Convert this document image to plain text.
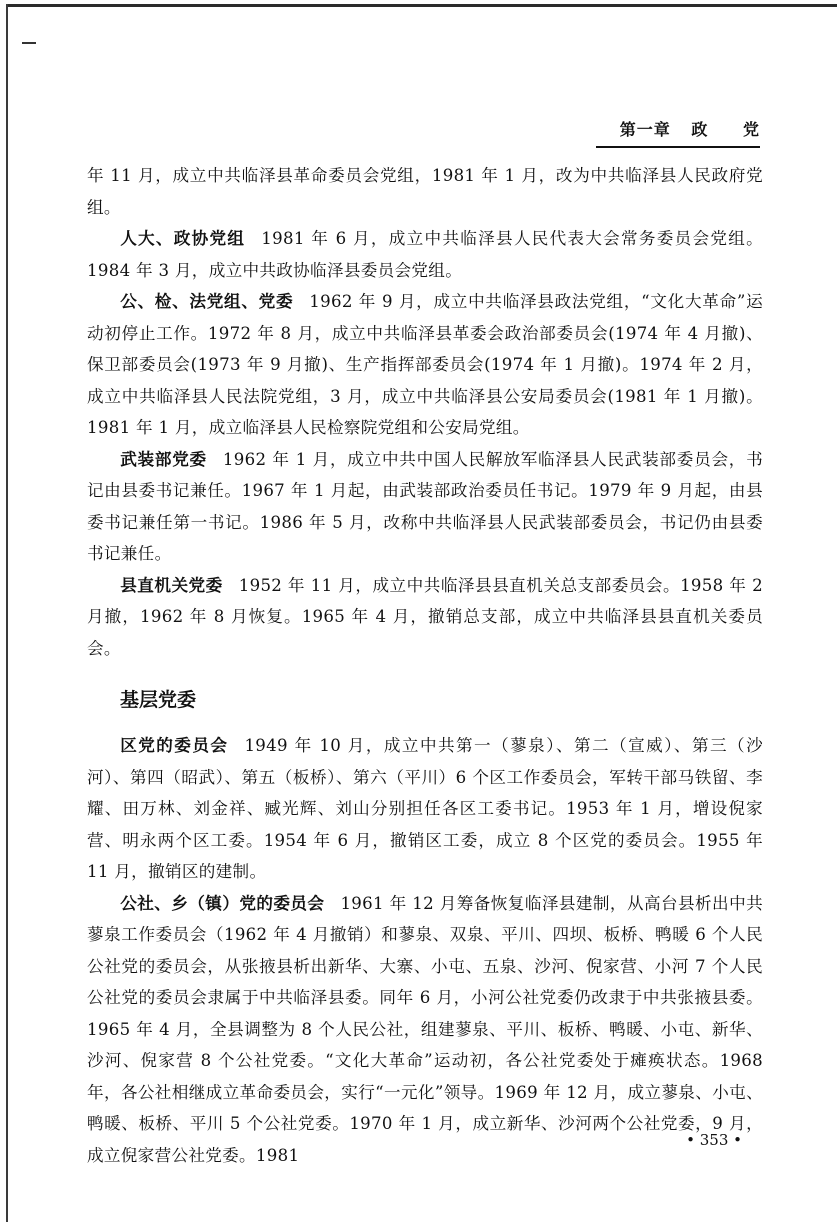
第一章 政 党

年 11 月，成立中共临泽县革命委员会党组，1981 年 1 月，改为中共临泽县人民政府党组。

人大、政协党组 1981 年 6 月，成立中共临泽县人民代表大会常务委员会党组。1984 年 3 月，成立中共政协临泽县委员会党组。

公、检、法党组、党委 1962 年 9 月，成立中共临泽县政法党组，“文化大革命”运动初停止工作。1972 年 8 月，成立中共临泽县革委会政治部委员会(1974 年 4 月撤)、保卫部委员会(1973 年 9 月撤)、生产指挥部委员会(1974 年 1 月撤)。1974 年 2 月，成立中共临泽县人民法院党组，3 月，成立中共临泽县公安局委员会(1981 年 1 月撤)。1981 年 1 月，成立临泽县人民检察院党组和公安局党组。

武装部党委 1962 年 1 月，成立中共中国人民解放军临泽县人民武装部委员会，书记由县委书记兼任。1967 年 1 月起，由武装部政治委员任书记。1979 年 9 月起，由县委书记兼任第一书记。1986 年 5 月，改称中共临泽县人民武装部委员会，书记仍由县委书记兼任。

县直机关党委 1952 年 11 月，成立中共临泽县县直机关总支部委员会。1958 年 2 月撤，1962 年 8 月恢复。1965 年 4 月，撤销总支部，成立中共临泽县县直机关委员会。

基层党委

区党的委员会 1949 年 10 月，成立中共第一（蓼泉）、第二（宣威）、第三（沙河）、第四（昭武）、第五（板桥）、第六（平川）6 个区工作委员会，军转干部马铁留、李耀、田万林、刘金祥、臧光辉、刘山分别担任各区工委书记。1953 年 1 月，增设倪家营、明永两个区工委。1954 年 6 月，撤销区工委，成立 8 个区党的委员会。1955 年 11 月，撤销区的建制。

公社、乡（镇）党的委员会 1961 年 12 月筹备恢复临泽县建制，从高台县析出中共蓼泉工作委员会（1962 年 4 月撤销）和蓼泉、双泉、平川、四坝、板桥、鸭暖 6 个人民公社党的委员会，从张掖县析出新华、大寨、小屯、五泉、沙河、倪家营、小河 7 个人民公社党的委员会隶属于中共临泽县委。同年 6 月，小河公社党委仍改隶于中共张掖县委。1965 年 4 月，全县调整为 8 个人民公社，组建蓼泉、平川、板桥、鸭暖、小屯、新华、沙河、倪家营 8 个公社党委。“文化大革命”运动初，各公社党委处于瘫痪状态。1968 年，各公社相继成立革命委员会，实行“一元化”领导。1969 年 12 月，成立蓼泉、小屯、鸭暖、板桥、平川 5 个公社党委。1970 年 1 月，成立新华、沙河两个公社党委，9 月，成立倪家营公社党委。1981

• 353 •
